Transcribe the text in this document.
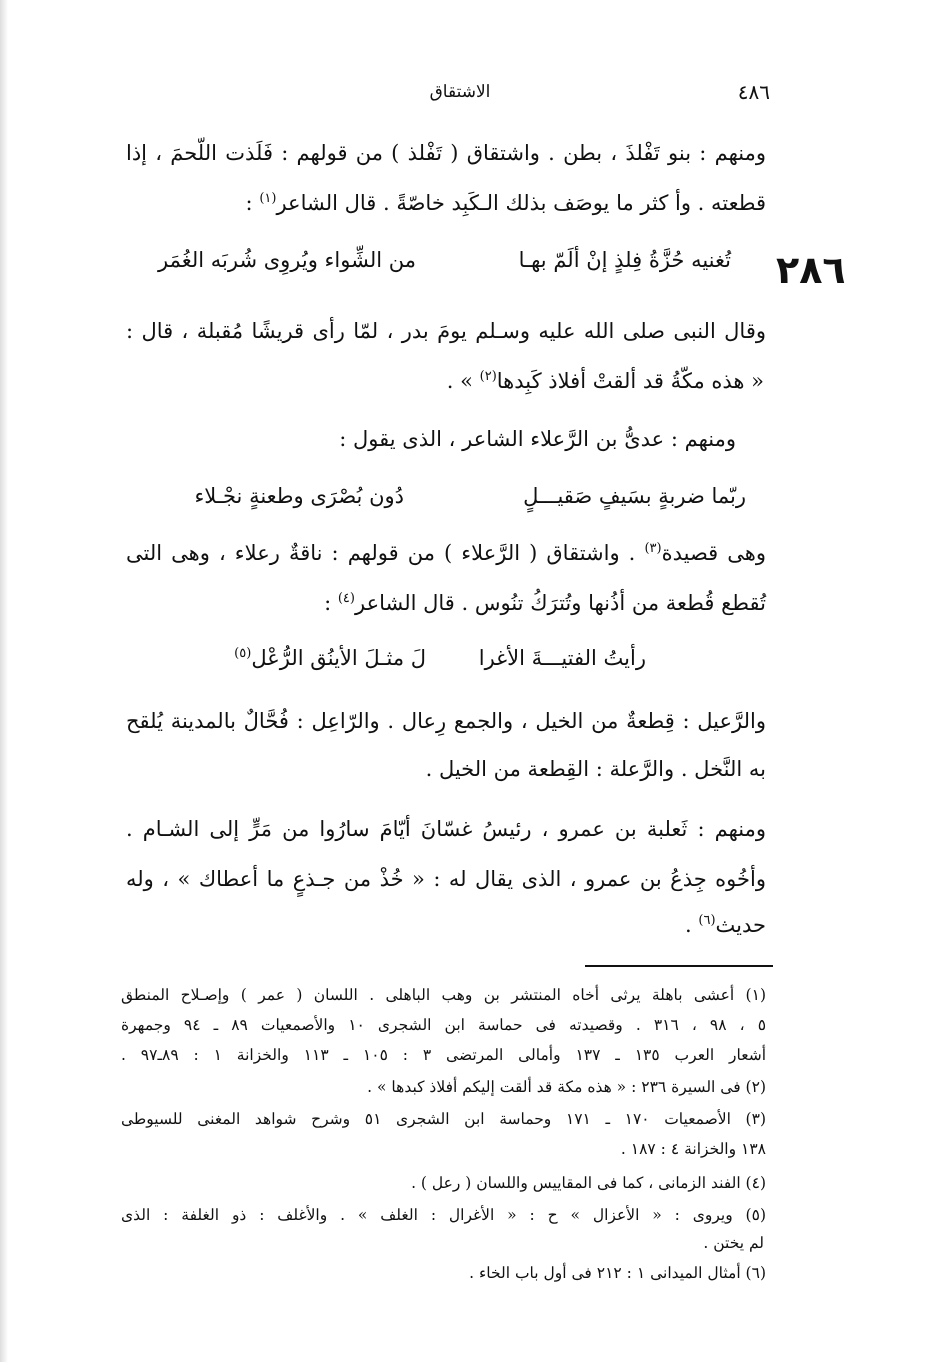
الاشتقاق	٤٨٦
ومنهم : بنو تَفْلذَ ، بطن . واشتقاق ( تَفْلذ ) من قولهم : فَلَذت اللّحمَ ، إذا
قطعته . وأ كثر ما يوصَف بذلك الـكَبِد خاصّةً . قال الشاعر$^{(١)}$ :
٢٨٦
تُغنيه حُزَّةُ فِلذٍ إنْ ألَمّ بهـا
من الشِّواء ويُروِى شُربَه الغُمَر
وقال النبى صلى الله عليه وسـلم يومَ بدر ، لمّا رأى قريشًا مُقبلة ، قال :
« هذه مكّةُ قد ألقتْ أفلاذ كَبِدها$^{(٢)}$ » .
ومنهم : عدىُّ بن الرَّعلاء الشاعر ، الذى يقول :
ربّما ضربةٍ بسَيفٍ صَقيـــلٍ
دُون بُصْرَى وطعنةٍ نجْـلاء
وهى قصيدة$^{(٣)}$ . واشتقاق ( الرَّعلاء ) من قولهم : ناقةٌ رعلاء ، وهى التى
تُقطع قُطعة من أذُنها وتُترَكُ تنُوس . قال الشاعر$^{(٤)}$ :
رأيتُ الفتيـــةَ الأغرا
لَ مثـلَ الأينُق الرُّعْل$^{(٥)}$
والرَّعيل : قِطعةٌ من الخيل ، والجمع رِعال . والرّاعِل : فُحَّالٌ بالمدينة يُلقح
به النَّخل . والرَّعلة : القِطعة من الخيل .
ومنهم : ثَعلبة بن عمرو ، رئيسُ غسّانَ أيّامَ سارُوا من مَرٍّ إلى الشـام .
وأخُوه جِذعُ بن عمرو ، الذى يقال له : « خُذْ من جـذعٍ ما أعطاك » ، وله
حديث$^{(٦)}$ .
(١) أعشى باهلة يرثى أخاه المنتشر بن وهب الباهلى . اللسان ( عمر ) وإصـلاح المنطق
٥ ، ٩٨ ، ٣١٦ . وقصيدته فى حماسة ابن الشجرى ١٠ والأصمعيات ٨٩ ـ ٩٤ وجمهرة
أشعار العرب ١٣٥ ـ ١٣٧ وأمالى المرتضى ٣ : ١٠٥ ـ ١١٣ والخزانة ١ : ٨٩ـ٩٧ .
(٢) فى السيرة ٢٣٦ : « هذه مكة قد ألقت إليكم أفلاذ كبدها » .
(٣) الأصمعيات ١٧٠ ـ ١٧١ وحماسة ابن الشجرى ٥١ وشرح شواهد المغنى للسيوطى
١٣٨ والخزانة ٤ : ١٨٧ .
(٤) الفند الزمانى ، كما فى المقاييس واللسان ( رعل ) .
(٥) ويروى : « الأعزال » ح : « الأغرال : الغلف » . والأغلف : ذو الغلفة : الذى
لم يختن .
(٦) أمثال الميدانى ١ : ٢١٢ فى أول باب الخاء .
